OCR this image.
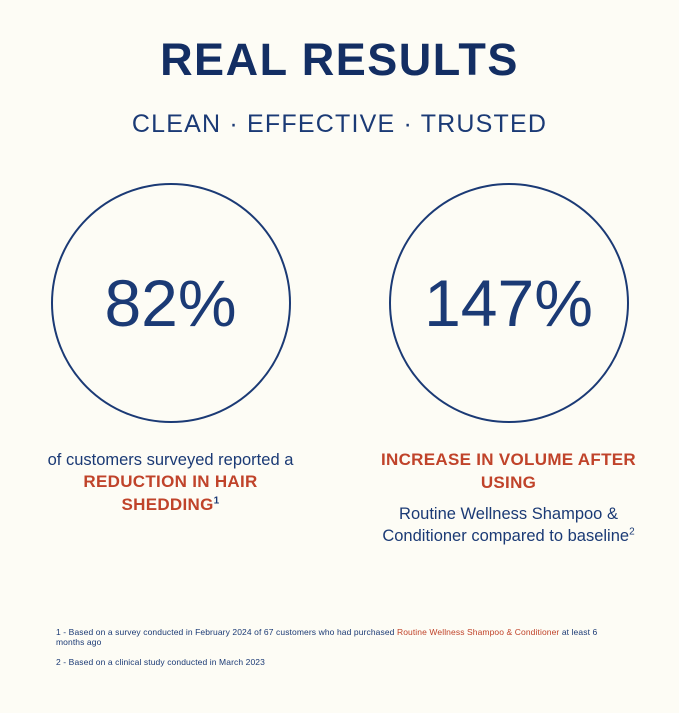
REAL RESULTS
CLEAN · EFFECTIVE · TRUSTED
82%
of customers surveyed reported a
REDUCTION IN HAIR SHEDDING$^1$
147%
INCREASE IN VOLUME AFTER USING
Routine Wellness Shampoo & Conditioner compared to baseline$^2$
1 - Based on a survey conducted in February 2024 of 67 customers who had purchased Routine Wellness Shampoo & Conditioner at least 6 months ago
2 - Based on a clinical study conducted in March 2023
